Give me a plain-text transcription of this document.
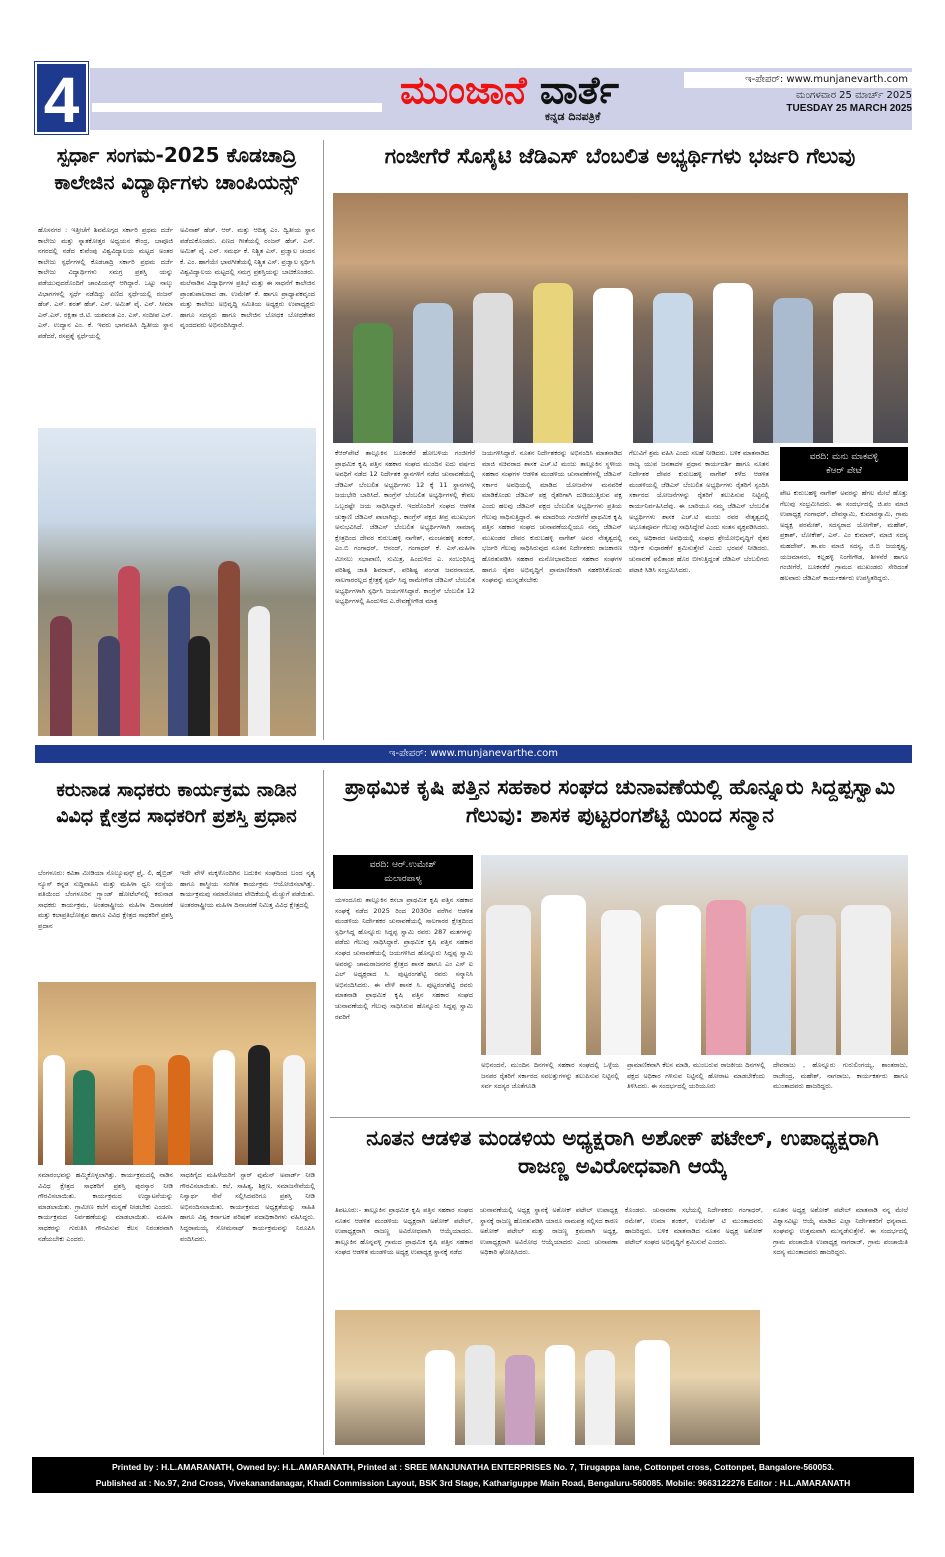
4	ಮುಂಜಾನೆ ವಾರ್ತೆ
ಕನ್ನಡ ದಿನಪತ್ರಿಕೆ
ಇ-ಪೇಪರ್: www.munjanevarth.com
ಮಂಗಳವಾರ 25 ಮಾರ್ಚ್ 2025
TUESDAY 25 MARCH 2025
ಸ್ಪರ್ಧಾ ಸಂಗಮ-2025 ಕೊಡಚಾದ್ರಿ ಕಾಲೇಜಿನ ವಿದ್ಯಾರ್ಥಿಗಳು ಚಾಂಪಿಯನ್ಸ್
ಹೊಸನಗರ : ಇತ್ತೀಚೆಗೆ ಶಿವಮೊಗ್ಗದ ಸರ್ಕಾರಿ ಪ್ರಥಮ ದರ್ಜೆ ಕಾಲೇಜು ಮತ್ತು ಸ್ನಾತಕೋತ್ತರ ಅಧ್ಯಯನ ಕೇಂದ್ರ, ಬಾಪೂಜಿ ನಗರದಲ್ಲಿ ನಡೆದ ಕುವೆಂಪು ವಿಶ್ವವಿದ್ಯಾಲಯ ಮಟ್ಟದ ಅಂತರ ಕಾಲೇಜು ಸ್ಪರ್ಧೆಗಳಲ್ಲಿ ಕೊಡಚಾದ್ರಿ ಸರ್ಕಾರಿ ಪ್ರಥಮ ದರ್ಜೆ ಕಾಲೇಜು ವಿದ್ಯಾರ್ಥಿಗಳು ಸಮಗ್ರ ಪ್ರಶಸ್ತಿ ಯನ್ನು ಪಡೆಯುವುದರೊಂದಿಗೆ ಚಾಂಪಿಯನ್ಸ್ ಆಗಿದ್ದಾರೆ. ಒಟ್ಟು ನಾಲ್ಕು ವಿಭಾಗಗಳಲ್ಲಿ ಸ್ಪರ್ಧೆ ನಡೆದಿದ್ದು ಏಣಿದ ಸ್ಪರ್ಧೆಯಲ್ಲಿ ರಂಜನ್ ಹೆಚ್. ಎಸ್. ಶರತ್ ಹೆಚ್. ಎಸ್. ಅಮಿತ್ ವೈ. ಎನ್. ಸೀಮಾ ಎನ್.ಎಸ್. ರಕ್ಷಿತಾ ಜಿ.ಟಿ. ಯಶವಂತ ಎಂ. ಎಸ್. ಸಂದೀಪ ಎಸ್. ಎಸ್. ಉದ್ಯಾನ ಎಂ. ಕೆ. ಇವರು ಭಾಗವಹಿಸಿ ದ್ವಿತೀಯ ಸ್ಥಾನ ಪಡೆದರೆ, ರಸಪ್ರಶ್ನೆ ಸ್ಪರ್ಧೆಯಲ್ಲಿ
ಅವಿನಾಶ್ ಹೆಚ್. ಆರ್. ಮತ್ತು ಆದಿತ್ಯ ಎಂ. ದ್ವಿತೀಯ ಸ್ಥಾನ ಪಡೆದುಕೊಂಡರು. ಏಣದ ಗೀತೆಯಲ್ಲಿ ರಂಜನ್ ಹೆಚ್. ಎಸ್. ಅಮಿತ್ ವೈ. ಎನ್. ಸಮರ್ಥ ಕೆ. ನಿಶ್ಚಿತ ಎಸ್. ಪ್ರಜ್ವಾಲ ಚಂದನ ಕೆ. ಎಂ. ಹಾಗೆಯೇ ಭಾವಗೀತೆಯಲ್ಲಿ ನಿಶ್ಚಿತ ಎಸ್. ಪ್ರಜ್ವಾಲ ಸ್ಪರ್ಧಿಸಿ ವಿಶ್ವವಿದ್ಯಾಲಯ ಮಟ್ಟದಲ್ಲಿ ಸಮಗ್ರ ಪ್ರಶಸ್ತಿಯನ್ನು ಬಾಚಿಕೊಂಡರು. ಮಲೆನಾಡಿನ ವಿದ್ಯಾರ್ಥಿಗಳ ಪ್ರತಿಭೆ ಮತ್ತು ಈ ಸಾಧನೆಗೆ ಕಾಲೇಜಿನ ಪ್ರಾಂಶುಪಾಲರಾದ ಡಾ. ಉಮೇಶ್ ಕೆ. ಹಾಗೂ ಪ್ರಾಧ್ಯಾಪಕವೃಂದ ಮತ್ತು ಕಾಲೇಜು ಅಭಿವೃದ್ಧಿ ಸಮಿತಿಯ ಅಧ್ಯಕ್ಷರು ಉಪಾಧ್ಯಕ್ಷರು ಹಾಗೂ ಸದಸ್ಯರು ಹಾಗೂ ಕಾಲೇಜಿನ ಬೋಧಕ ಬೋಧಕೇತರ ವೃಂದದವರು ಅಭಿನಂದಿಸಿದ್ದಾರೆ.
ಗಂಜೀಗೆರೆ ಸೊಸೈಟಿ ಜೆಡಿಎಸ್ ಬೆಂಬಲಿತ ಅಭ್ಯರ್ಥಿಗಳು ಭರ್ಜರಿ ಗೆಲುವು
ಕೆಆರ್‌ಪೇಟೆ ತಾಲ್ಲೂಕಿನ ಬೂಕನಕೆರೆ ಹೋಬಳಿಯ ಗಂಜೀಗೆರೆ ಪ್ರಾಥಮಿಕ ಕೃಷಿ ಪತ್ತಿನ ಸಹಕಾರ ಸಂಘದ ಮುಂದಿನ ಐದು ವರ್ಷದ ಅವಧಿಗೆ ನಡೆದ 12 ನಿರ್ದೇಶಕ ಸ್ಥಾನಗಳಿಗೆ ನಡೆದ ಚುನಾವಣೆಯಲ್ಲಿ ಜೆಡಿಎಸ್ ಬೆಂಬಲಿತ ಅಭ್ಯರ್ಥಿಗಳು 12 ಕ್ಕೆ 11 ಸ್ಥಾನಗಳಲ್ಲಿ ಜಯಭೇರಿ ಬಾರಿಸಿದೆ. ಕಾಂಗ್ರೆಸ್ ಬೆಂಬಲಿತ ಅಭ್ಯರ್ಥಿಗಳಲ್ಲಿ ಕೇವಲ ಒಬ್ಬರಷ್ಟೇ ಜಯ ಸಾಧಿಸಿದ್ದಾರೆ. ಇದರೊಂದಿಗೆ ಸಂಘದ ಆಡಳಿತ ಚುಕ್ಕಾಣಿ ಜೆಡಿಎಸ್ ಪಾಲಾಗಿದ್ದು, ಕಾಂಗ್ರೆಸ್ ಪಕ್ಷದ ತೀವ್ರ ಮುಖಭಂಗ ಅನುಭವಿಸಿದೆ. ಜೆಡಿಎಸ್ ಬೆಂಬಲಿತ ಅಭ್ಯರ್ಥಿಗಳಾಗಿ ಸಾಮಾನ್ಯ ಕ್ಷೇತ್ರದಿಂದ ದೇವರ ಕುರುಬಹಳ್ಳಿ ನಾಗೇಶ್, ಮಂಚನಹಳ್ಳಿ ಶಂಕರ್, ಎಂ.ಬಿ ಗಂಗಾಧರ್, ಆನಂದ್, ಗಂಗಾಧರ್ ಕೆ. ಎಸ್.ಮಹಿಳಾ ಮೀಸಲು ಸಭಾಪಾಣಿ, ಸುಮಿತ್ರ, ಹಿಂದುಳಿದ ಎ. ಸಂಬಂಧಿಸಿದ್ದ ಪರಿಶಿಷ್ಟ ಜಾತಿ ಶಿವರಾಜ್, ಪರಿಶಿಷ್ಟ ಪಂಗಡ ಜವರನಾಯಕ, ಸಾಲಗಾರರಲ್ಲದ ಕ್ಷೇತ್ರಕ್ಕೆ ಸ್ಪರ್ಧೆ ಸಿದ್ದ ರಾಮೇಗೌಡ ಜೆಡಿಎಸ್ ಬೆಂಬಲಿತ ಅಭ್ಯರ್ಥಿಗಳಾಗಿ ಸ್ಪರ್ಧಿಸಿ ಜಯಗಳಿಸಿದ್ದಾರೆ. ಕಾಂಗ್ರೆಸ್ ಬೆಂಬಲಿತ 12 ಅಭ್ಯರ್ಥಿಗಳಲ್ಲಿ ಹಿಂದುಳಿದ ಎ.ರೇವಣ್ಣೇಗೌಡ ಮಾತ್ರ
ಜಯಗಳಿಸಿದ್ದಾರೆ. ನೂತನ ನಿರ್ದೇಶಕರನ್ನು ಅಭಿನಂದಿಸಿ ಮಾತನಾಡಿದ ಮಾಜಿ ಸಚಿವರಾದ ಶಾಸಕ ಎಚ್.ಟಿ ಮಂಜು ತಾಲ್ಲೂಕಿನ ಸ್ಥಳೀಯ ಸಹಕಾರ ಸಂಘಗಳ ಆಡಳಿತ ಮಂಡಳಿಯ ಚುನಾವಣೆಗಳಲ್ಲಿ ಜೆಡಿಎಸ್ ಸರ್ಕಾರ ಅವಧಿಯಲ್ಲಿ ಮಾಡಿದ ಯೋಜನೆಗಳ ಮನವರಿಕೆ ಮಾಡಿಕೊಂಡು ಜೆಡಿಎಸ್ ಪಕ್ಷ ರೈತರಿಗಾಗಿ ದುಡಿಯುತ್ತಿರುವ ಪಕ್ಷ ಎಂದು ಹಲವು ಜೆಡಿಎಸ್ ಪಕ್ಷದ ಬೆಂಬಲಿತ ಅಭ್ಯರ್ಥಿಗಳು ಪ್ರತಿಯ ಗೆಲುವು ಸಾಧಿಸುತ್ತಿದ್ದಾರೆ. ಈ ಮಾದರಿಯ ಗಂಜೀಗೆರೆ ಪ್ರಾಥಮಿಕ ಕೃಷಿ ಪತ್ತಿನ ಸಹಕಾರ ಸಂಘದ ಚುನಾವಣೆಯಲ್ಲಿಯೂ ನಮ್ಮ ಜೆಡಿಎಸ್ ಮುಖಂಡರ ದೇವರ ಕುರುಬಹಳ್ಳಿ ನಾಗೇಶ್ ಅವರ ನೇತೃತ್ವದಲ್ಲಿ ಭರ್ಜರಿ ಗೆಲುವು ಸಾಧಿಸಿರುವುದ ನೂತನ ನಿರ್ದೇಶಕರು ರಾಜಕಾರಣ ಹೊರತುಪಡಿಸಿ ಸಹಕಾರ ಮನೋಭಾವದಿಂದ ಸಹಕಾರ ಸಂಘಗಳ ಹಾಗೂ ರೈತರ ಅಭಿವೃದ್ಧಿಗೆ ಪ್ರಾಮಾಣಿಕರಾಗಿ ಸಹಕರಿಸಿಕೊಂಡು ಸಂಘವನ್ನು ಮುನ್ನಡೆಸಬೇಕು
ಗೆಲುವಿಗೆ ಶ್ರಮ ವಹಿಸಿ ಎಂದು ಸಲಹೆ ನೀಡಿದರು. ಬಳಿಕ ಮಾತನಾಡಿದ ರಾಜ್ಯ ಯುವ ಜನತಾದಳ ಪ್ರಧಾನ ಕಾರ್ಯದರ್ಶಿ ಹಾಗೂ ನೂತನ ನಿರ್ದೇಶಕ ದೇವರ ಕುರುಬಹಳ್ಳಿ ನಾಗೇಶ್ ಕಳೆದ ಆಡಳಿತ ಮಂಡಳಿಯಲ್ಲಿ ಜೆಡಿಎಸ್ ಬೆಂಬಲಿತ ಅಭ್ಯರ್ಥಿಗಳು ರೈತರಿಗೆ ಸ್ಪಂದಿಸಿ ಸರ್ಕಾರದ ಯೋಜನೆಗಳನ್ನು ರೈತರಿಗೆ ತಲುಪಿಸುವ ನಿಟ್ಟಿನಲ್ಲಿ ಕಾರ್ಯನಿರ್ವಹಿಸಿದೆವು. ಈ ಬಾರಿಯೂ ನಮ್ಮ ಜೆಡಿಎಸ್ ಬೆಂಬಲಿತ ಅಭ್ಯರ್ಥಿಗಳು ಶಾಸಕ ಎಚ್.ಟಿ ಮಂಜು ರವರ ನೇತೃತ್ವದಲ್ಲಿ ಅಭೂತಪೂರ್ವ ಗೆಲುವು ಸಾಧಿಸಿದ್ದೇವೆ ಎಂದು ಸಂತಸ ವ್ಯಕ್ತಪಡಿಸಿದರು. ನಮ್ಮ ಅಧಿಕಾರದ ಅವಧಿಯಲ್ಲಿ ಸಂಘದ ಶ್ರೇಯೋಭಿವೃದ್ಧಿಗೆ ರೈತರ ಆರ್ಥಿಕ ಸುಧಾರಣೆಗೆ ಶ್ರಮಿಸುತ್ತೇವೆ ಎಂದು ಭರವಸೆ ನೀಡಿದರು. ಚುನಾವಣೆ ಫಲಿತಾಂಶ ಹೊರ ಬೀಳುತ್ತಿದ್ದಂತೆ ಜೆಡಿಎಸ್ ಬೆಂಬಲಿಗರು ಪಟಾಕಿ ಸಿಡಿಸಿ ಸಂಭ್ರಮಿಸಿದರು.
ವರದಿ: ಮನು ಮಾಕವಳ್ಳಿ
ಕೆಆರ್ ಪೇಟೆ
ಪೇಟ ಕುರುಬಹಳ್ಳಿ ನಾಗೇಶ್ ಅವರನ್ನು ಹೆಗಲ ಮೇಲೆ ಹೊತ್ತು ಗೆಲುವು ಸಂಭ್ರಮಿಸಿದರು. ಈ ಸಂದರ್ಭದಲ್ಲಿ ಜಿ.ಪಂ ಮಾಜಿ ಉಪಾಧ್ಯಕ್ಷ ಗಂಗಾಧರ್, ದೇವಸ್ವಾಮಿ, ಕುಮಾರಸ್ವಾಮಿ, ಗ್ರಾಮ ಅಧ್ಯಕ್ಷ ಪರಮೇಶ್, ಸದಸ್ಯರಾದ ಯೋಗೇಶ್, ಮಹೇಶ್, ಪ್ರಕಾಶ್, ಲೋಕೇಶ್, ಎಸ್. ಎಂ ಕುಮಾರ್, ಮಾಜಿ ಸದಸ್ಯ ಮಹದೇವ್, ತಾ.ಪಂ ಮಾಜಿ ಸದಸ್ಯ, ಜಿ.ಬಿ ಜಯಕೃಷ್ಣ, ಯಜಮಾನರು, ಕಲ್ಲಹಳ್ಳಿ ನಿಂಗೇಗೌಡ, ಶೀಳನೆರೆ ಹಾಗೂ ಗಂಜೀಗೆರೆ, ಬೂಕನಕೆರೆ ಗ್ರಾಮದ ಮುಖಂಡರು ಸೇರಿದಂತೆ ಹಲವಾರು ಜೆಡಿಎಸ್ ಕಾರ್ಯಕರ್ತರು ಉಪಸ್ಥಿತರಿದ್ದರು.
ಇ-ಪೇಪರ್: www.munjanevarthe.com
ಕರುನಾಡ ಸಾಧಕರು ಕಾರ್ಯಕ್ರಮ ನಾಡಿನ ವಿವಿಧ ಕ್ಷೇತ್ರದ ಸಾಧಕರಿಗೆ ಪ್ರಶಸ್ತಿ ಪ್ರಧಾನ
ಬೆಂಗಳೂರು: ಕವಿತಾ ಮೀಡಿಯಾ ಸೊಲ್ಯೂಷನ್ಸ್ ಪ್ರೈ. ಲಿ, ಹೈಬ್ರಿಡ್ ನ್ಯೂಸ್ ಕನ್ನಡ ಸುದ್ದಿವಾಹಿನಿ ಮತ್ತು ಮಹಿಳಾ ಧ್ವನಿ ಸಂಸ್ಥೆಯ ವತಿಯಿಂದ ಬೆಂಗಳೂರಿನ ಗ್ರ್ಯಾಂಡ್ ಹೋಟೆಲ್‌ನಲ್ಲಿ ಕರುನಾಡ ಸಾಧಕರು ಕಾರ್ಯಕ್ರಮ, ಅಂತರಾಷ್ಟ್ರೀಯ ಮಹಿಳಾ ದಿನಾಚರಣೆ ಮತ್ತು ಕಲಾಪ್ರತಿಭೋತ್ಸವ ಹಾಗೂ ವಿವಿಧ ಕ್ಷೇತ್ರದ ಸಾಧಕರಿಗೆ ಪ್ರಶಸ್ತಿ ಪ್ರದಾನ
ಇದೇ ವೇಳೆ ಮಕ್ಕಳೊಂದಿಗಿನ ಬದುಕಿನ ಸಂಘದಿಂದ ಬಂದ ನೃತ್ಯ ಹಾಗೂ ಶಾಸ್ತ್ರೀಯ ಸಂಗೀತ ಕಾರ್ಯಕ್ರಮ ಆಯೋಜಿಸಲಾಗಿತ್ತು. ಕಾರ್ಯಕ್ರಮವು ಸಮಾರೋಪದ ವೇದಿಕೆಯಲ್ಲಿ ಮೆಚ್ಚುಗೆ ಪಡೆಯಿತು. ಅಂತರರಾಷ್ಟ್ರೀಯ ಮಹಿಳಾ ದಿನಾಚರಣೆ ನಿಮಿತ್ತ ವಿವಿಧ ಕ್ಷೇತ್ರದಲ್ಲಿ
ಸಮಾರಂಭವನ್ನು ಹಮ್ಮಿಕೊಳ್ಳಲಾಗಿತ್ತು. ಕಾರ್ಯಕ್ರಮದಲ್ಲಿ ನಾಡಿನ ವಿವಿಧ ಕ್ಷೇತ್ರದ ಸಾಧಕರಿಗೆ ಪ್ರಶಸ್ತಿ ಪುರಸ್ಕಾರ ನೀಡಿ ಗೌರವಿಸಲಾಯಿತು. ಕಾರ್ಯಕ್ರಮದ ಉದ್ಘಾಟನೆಯನ್ನು ಮಾಡಲಾಯಿತು. ಗ್ರಾಮೀಣ ಕಲೆಗೆ ಮನ್ನಣೆ ನೀಡಬೇಕು ಎಂದರು. ಕಾರ್ಯಕ್ರಮದ ನಿರ್ವಹಣೆಯನ್ನು ಮಾಡಲಾಯಿತು. ಮಹಿಳಾ ಸಾಧಕರನ್ನು ಗುರುತಿಸಿ ಗೌರವಿಸುವ ಕೆಲಸ ನಿರಂತರವಾಗಿ ನಡೆಯಬೇಕು ಎಂದರು.
ಸಾಧಕಿಗೈದ ಮಹಿಳೆಯರಿಗೆ ಸ್ಟಾರ್ ವುಮೆನ್ ಅವಾರ್ಡ್ ನೀಡಿ ಗೌರವಿಸಲಾಯಿತು. ಕಲೆ, ಸಾಹಿತ್ಯ, ಶಿಕ್ಷಣ, ಸಮಾಜಸೇವೆಯಲ್ಲಿ ನಿಸ್ವಾರ್ಥ ಸೇವೆ ಸಲ್ಲಿಸಿದವರಿಗೂ ಪ್ರಶಸ್ತಿ ನೀಡಿ ಅಭಿನಂದಿಸಲಾಯಿತು. ಕಾರ್ಯಕ್ರಮದ ಅಧ್ಯಕ್ಷತೆಯನ್ನು ಸಾಹಿತಿ ಹಾಗೂ ವಿಶ್ವ ಕರ್ನಾಟಕ ಪರಿಷತ್ ಪದಾಧಿಕಾರಿಗಳು ವಹಿಸಿದ್ದರು. ಸಿದ್ದರಾಮಯ್ಯ ಸೋಮನಾಥ್ ಕಾರ್ಯಕ್ರಮವನ್ನು ನಿರೂಪಿಸಿ ವಂದಿಸಿದರು.
ಪ್ರಾಥಮಿಕ ಕೃಷಿ ಪತ್ತಿನ ಸಹಕಾರ ಸಂಘದ ಚುನಾವಣೆಯಲ್ಲಿ ಹೊನ್ನೂರು ಸಿದ್ದಪ್ಪಸ್ವಾಮಿ ಗೆಲುವು: ಶಾಸಕ ಪುಟ್ಟರಂಗಶೆಟ್ಟಿ ಯಿಂದ ಸನ್ಮಾನ
ವರದಿ: ಆರ್.ಉಮೇಶ್
ಮಲಾರಪಾಳ್ಯ
ಯಳಂದೂರು ತಾಲ್ಲೂಕಿನ ಕಸಬಾ ಪ್ರಾಥಮಿಕ ಕೃಷಿ ಪತ್ತಿನ ಸಹಕಾರ ಸಂಘಕ್ಕೆ ನಡೆದ 2025 ರಿಂದ 2030ರ ವರೆಗಿನ ಆಡಳಿತ ಮಂಡಳಿಯ ನಿರ್ದೇಶಕರ ಚುನಾವಣೆಯಲ್ಲಿ ಸಾಲಗಾರರ ಕ್ಷೇತ್ರದಿಂದ ಸ್ಪರ್ಧಿಸಿದ್ದ ಹೊನ್ನೂರು ಸಿದ್ದಪ್ಪ ಸ್ವಾಮಿ ರವರು 287 ಮತಗಳನ್ನು ಪಡೆದು ಗೆಲುವು ಸಾಧಿಸಿದ್ದಾರೆ. ಪ್ರಾಥಮಿಕ ಕೃಷಿ ಪತ್ತಿನ ಸಹಕಾರ ಸಂಘದ ಚುನಾವಣೆಯಲ್ಲಿ ಜಯಗಳಿಸಿದ ಹೊನ್ನೂರು ಸಿದ್ದಪ್ಪ ಸ್ವಾಮಿ ಅವರನ್ನು ಚಾಮರಾಜನಗರ ಕ್ಷೇತ್ರದ ಶಾಸಕ ಹಾಗೂ ಎಂ ಎಸ್ ಐ ಎಲ್ ಅಧ್ಯಕ್ಷರಾದ ಸಿ. ಪುಟ್ಟರಂಗಶೆಟ್ಟಿ ರವರು ಸನ್ಮಾನಿಸಿ ಅಭಿನಂದಿಸಿದರು. ಈ ವೇಳೆ ಶಾಸಕ ಸಿ. ಪುಟ್ಟರಂಗಶೆಟ್ಟಿ ರವರು ಮಾತನಾಡಿ ಪ್ರಾಥಮಿಕ ಕೃಷಿ ಪತ್ತಿನ ಸಹಕಾರ ಸಂಘದ ಚುನಾವಣೆಯಲ್ಲಿ ಗೆಲುವು ಸಾಧಿಸಿರುವ ಹೊನ್ನೂರು ಸಿದ್ದಪ್ಪ ಸ್ವಾಮಿ ರವರಿಗೆ
ಅಭಿನಂದನೆ, ಮುಂದಿನ ದಿನಗಳಲ್ಲಿ ಸಹಕಾರ ಸಂಘದಲ್ಲಿ ಒಳ್ಳೆಯ ಜನಪರ ರೈತರಿಗೆ ಸರ್ಕಾರದ ಸವಲತ್ತುಗಳನ್ನು ತಲುಪಿಸುವ ನಿಟ್ಟಿನಲ್ಲಿ ಸರ್ವ ಸದಸ್ಯರ ಜೊತೆಗೂಡಿ
ಪ್ರಾಮಾಣಿಕವಾಗಿ ಕೆಲಸ ಮಾಡಿ, ಮುಂಬರುವ ರಾಜಕೀಯ ದಿನಗಳಲ್ಲಿ ಪಕ್ಷದ ಅಧಿಕಾರ ಗಳಿಸುವ ನಿಟ್ಟಿನಲ್ಲಿ ಹೋರಾಟ ಮಾಡಬೇಕೆಂದು ತಿಳಿಸಿದರು. ಈ ಸಂದರ್ಭದಲ್ಲಿ ಯರಿಯೂರು
ದೇವರಾಜು , ಹೊನ್ನೂರು ಗುರುಲಿಂಗಯ್ಯ, ಶಾಂತರಾಜು, ರಾಜೇಂದ್ರ, ಮಹೇಶ್, ನಾಗರಾಜು, ಕಾರ್ಯಕರ್ತರು ಹಾಗೂ ಮುಂತಾದವರು ಹಾಜರಿದ್ದರು.
ನೂತನ ಆಡಳಿತ ಮಂಡಳಿಯ ಅಧ್ಯಕ್ಷರಾಗಿ ಅಶೋಕ್ ಪಟೇಲ್, ಉಪಾಧ್ಯಕ್ಷರಾಗಿ ರಾಜಣ್ಣ ಅವಿರೋಧವಾಗಿ ಆಯ್ಕೆ
ತಿಪಟೂರು:- ತಾಲ್ಲೂಕಿನ ಪ್ರಾಥಮಿಕ ಕೃಷಿ ಪತ್ತಿನ ಸಹಕಾರ ಸಂಘದ ನೂತನ ಆಡಳಿತ ಮಂಡಳಿಯ ಅಧ್ಯಕ್ಷರಾಗಿ ಅಶೋಕ್ ಪಟೇಲ್, ಉಪಾಧ್ಯಕ್ಷರಾಗಿ ರಾಜಣ್ಣ ಅವಿರೋಧವಾಗಿ ಆಯ್ಕೆಯಾದರು. ತಾಲ್ಲೂಕಿನ ಹೊನ್ನವಳ್ಳಿ ಗ್ರಾಮದ ಪ್ರಾಥಮಿಕ ಕೃಷಿ ಪತ್ತಿನ ಸಹಕಾರ ಸಂಘದ ಆಡಳಿತ ಮಂಡಳಿಯ ಅಧ್ಯಕ್ಷ ಉಪಾಧ್ಯಕ್ಷ ಸ್ಥಾನಕ್ಕೆ ನಡೆದ
ಚುನಾವಣೆಯಲ್ಲಿ ಅಧ್ಯಕ್ಷ ಸ್ಥಾನಕ್ಕೆ ಅಶೋಕ್ ಪಟೇಲ್ ಉಪಾಧ್ಯಕ್ಷ ಸ್ಥಾನಕ್ಕೆ ರಾಜಣ್ಣ ಹೊರತುಪಡಿಸಿ ಯಾರೂ ನಾಮಪತ್ರ ಸಲ್ಲಿಸದ ಕಾರಣ ಅಶೋಕ್ ಪಟೇಲ್ ಮತ್ತು ರಾಜಣ್ಣ ಕ್ರಮವಾಗಿ ಅಧ್ಯಕ್ಷ, ಉಪಾಧ್ಯಕ್ಷರಾಗಿ ಅವಿರೋಧ ಆಯ್ಕೆಯಾದರು ಎಂದು ಚುನಾವಣಾ ಅಧಿಕಾರಿ ಘೋಷಿಸಿದರು.
ಕೊಂಡರು. ಚುನಾವಣಾ ಸಭೆಯಲ್ಲಿ ನಿರ್ದೇಶಕರು ಗಂಗಾಧರ್, ರಮೇಶ್, ಉಮಾ ಶಂಕರ್, ಉಮೇಶ್ ಟಿ ಮುಂತಾದವರು ಹಾಜರಿದ್ದರು. ಬಳಿಕ ಮಾತನಾಡಿದ ನೂತನ ಅಧ್ಯಕ್ಷ ಅಶೋಕ್ ಪಟೇಲ್ ಸಂಘದ ಅಭಿವೃದ್ಧಿಗೆ ಶ್ರಮಿಸುವೆ ಎಂದರು.
ನೂತನ ಅಧ್ಯಕ್ಷ ಅಶೋಕ್ ಪಟೇಲ್ ಮಾತನಾಡಿ ನನ್ನ ಮೇಲೆ ವಿಶ್ವಾಸವಿಟ್ಟು ಆಯ್ಕೆ ಮಾಡಿದ ಎಲ್ಲಾ ನಿರ್ದೇಶಕರಿಗೆ ಧನ್ಯವಾದ. ಸಂಘವನ್ನು ಉತ್ತಮವಾಗಿ ಮುನ್ನಡೆಸುತ್ತೇನೆ. ಈ ಸಂದರ್ಭದಲ್ಲಿ ಗ್ರಾಮ ಪಂಚಾಯಿತಿ ಉಪಾಧ್ಯಕ್ಷ ನಾಗರಾಜ್, ಗ್ರಾಮ ಪಂಚಾಯಿತಿ ಸದಸ್ಯ ಮುಂತಾದವರು ಹಾಜರಿದ್ದರು.
Printed by : H.L.AMARANATH, Owned by: H.L.AMARANATH, Printed at : SREE MANJUNATHA ENTERPRISES No. 7, Tirugappa lane, Cottonpet cross, Cottonpet, Bangalore-560053.
Published at : No.97, 2nd Cross, Vivekanandanagar, Khadi Commission Layout, BSK 3rd Stage, Kathariguppe Main Road, Bengaluru-560085. Mobile: 9663122276 Editor : H.L.AMARANATH
